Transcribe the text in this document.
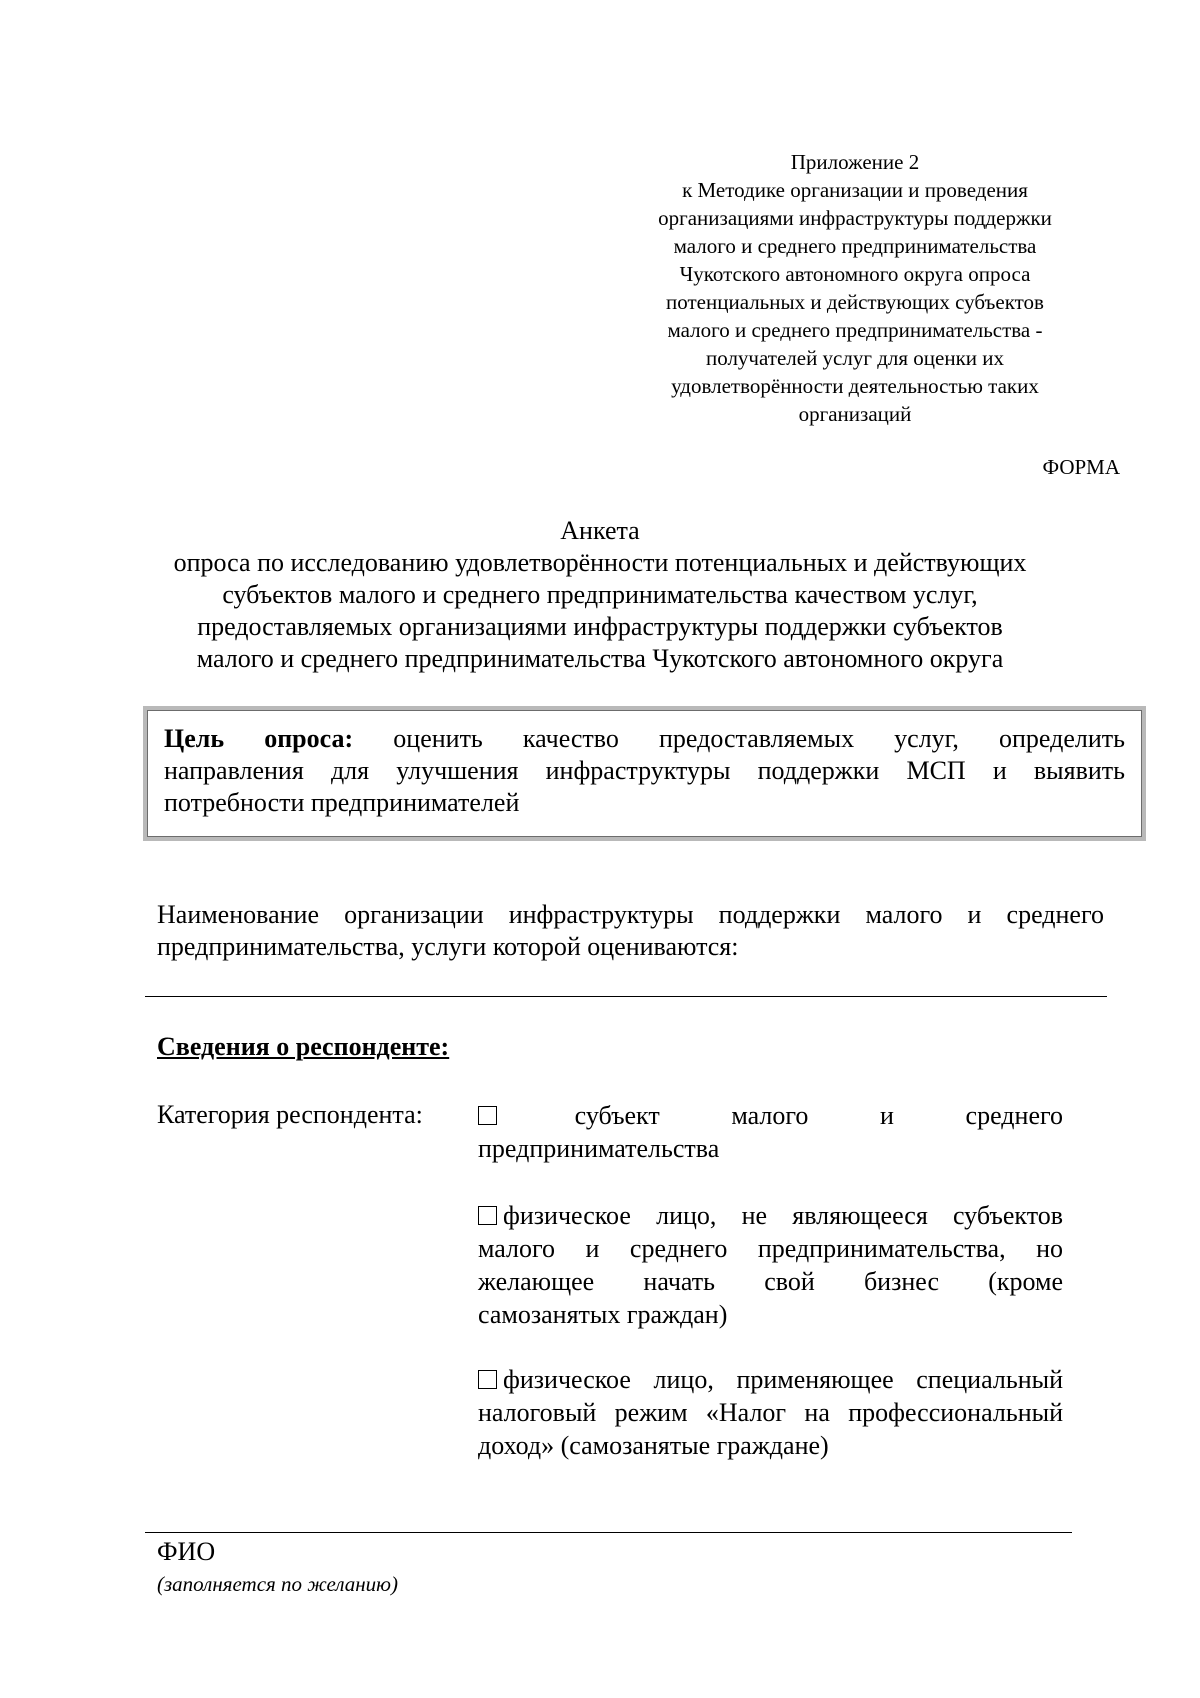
Приложение 2
к Методике организации и проведения
организациями инфраструктуры поддержки
малого и среднего предпринимательства
Чукотского автономного округа опроса
потенциальных и действующих субъектов
малого и среднего предпринимательства -
получателей услуг для оценки их
удовлетворённости деятельностью таких
организаций
ФОРМА
Анкета
опроса по исследованию удовлетворённости потенциальных и действующих
субъектов малого и среднего предпринимательства качеством услуг,
предоставляемых организациями инфраструктуры поддержки субъектов
малого и среднего предпринимательства Чукотского автономного округа
Цель опроса: оценить качество предоставляемых услуг, определить
направления для улучшения инфраструктуры поддержки МСП и выявить
потребности предпринимателей
Наименование организации инфраструктуры поддержки малого и среднего
предпринимательства, услуги которой оцениваются:
Сведения о респонденте:
Категория респондента:	субъект малого и среднего
предпринимательства
физическое лицо, не являющееся субъектов
малого и среднего предпринимательства, но
желающее начать свой бизнес (кроме
самозанятых граждан)
физическое лицо, применяющее специальный
налоговый режим «Налог на профессиональный
доход» (самозанятые граждане)
ФИО
(заполняется по желанию)
